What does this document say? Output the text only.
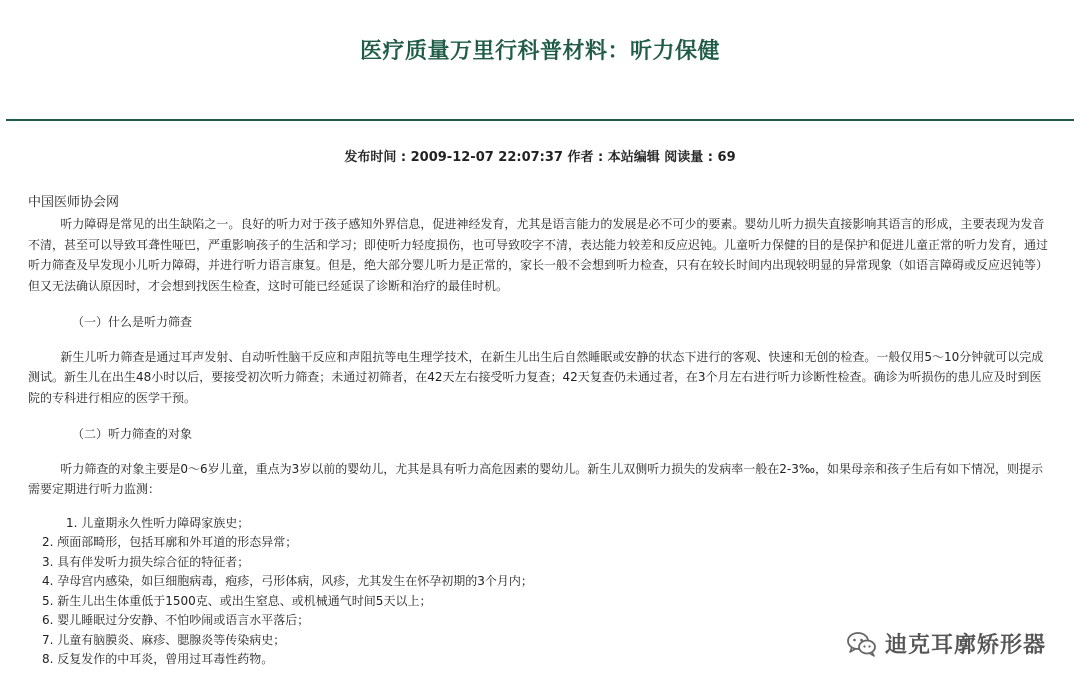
医疗质量万里行科普材料：听力保健
发布时间 : 2009-12-07 22:07:37 作者 : 本站编辑 阅读量 : 69

中国医师协会网

听力障碍是常见的出生缺陷之一。良好的听力对于孩子感知外界信息，促进神经发育，尤其是语言能力的发展是必不可少的要素。婴幼儿听力损失直接影响其语言的形成，主要表现为发音不清，甚至可以导致耳聋性哑巴，严重影响孩子的生活和学习；即使听力轻度损伤，也可导致咬字不清，表达能力较差和反应迟钝。儿童听力保健的目的是保护和促进儿童正常的听力发育，通过听力筛查及早发现小儿听力障碍，并进行听力语言康复。但是，绝大部分婴儿听力是正常的，家长一般不会想到听力检查，只有在较长时间内出现较明显的异常现象（如语言障碍或反应迟钝等）但又无法确认原因时，才会想到找医生检查，这时可能已经延误了诊断和治疗的最佳时机。

（一）什么是听力筛查

新生儿听力筛查是通过耳声发射、自动听性脑干反应和声阻抗等电生理学技术，在新生儿出生后自然睡眠或安静的状态下进行的客观、快速和无创的检查。一般仅用5～10分钟就可以完成测试。新生儿在出生48小时以后，要接受初次听力筛查；未通过初筛者，在42天左右接受听力复查；42天复查仍未通过者，在3个月左右进行听力诊断性检查。确诊为听损伤的患儿应及时到医院的专科进行相应的医学干预。

（二）听力筛查的对象

听力筛查的对象主要是0～6岁儿童，重点为3岁以前的婴幼儿，尤其是具有听力高危因素的婴幼儿。新生儿双侧听力损失的发病率一般在2-3‰，如果母亲和孩子生后有如下情况，则提示需要定期进行听力监测：

1. 儿童期永久性听力障碍家族史；
2. 颅面部畸形，包括耳廓和外耳道的形态异常；
3. 具有伴发听力损失综合征的特征者；
4. 孕母宫内感染，如巨细胞病毒，疱疹，弓形体病，风疹，尤其发生在怀孕初期的3个月内；
5. 新生儿出生体重低于1500克、或出生窒息、或机械通气时间5天以上；
6. 婴儿睡眠过分安静、不怕吵闹或语言水平落后；
7. 儿童有脑膜炎、麻疹、腮腺炎等传染病史；
8. 反复发作的中耳炎，曾用过耳毒性药物。
迪克耳廓矫形器
